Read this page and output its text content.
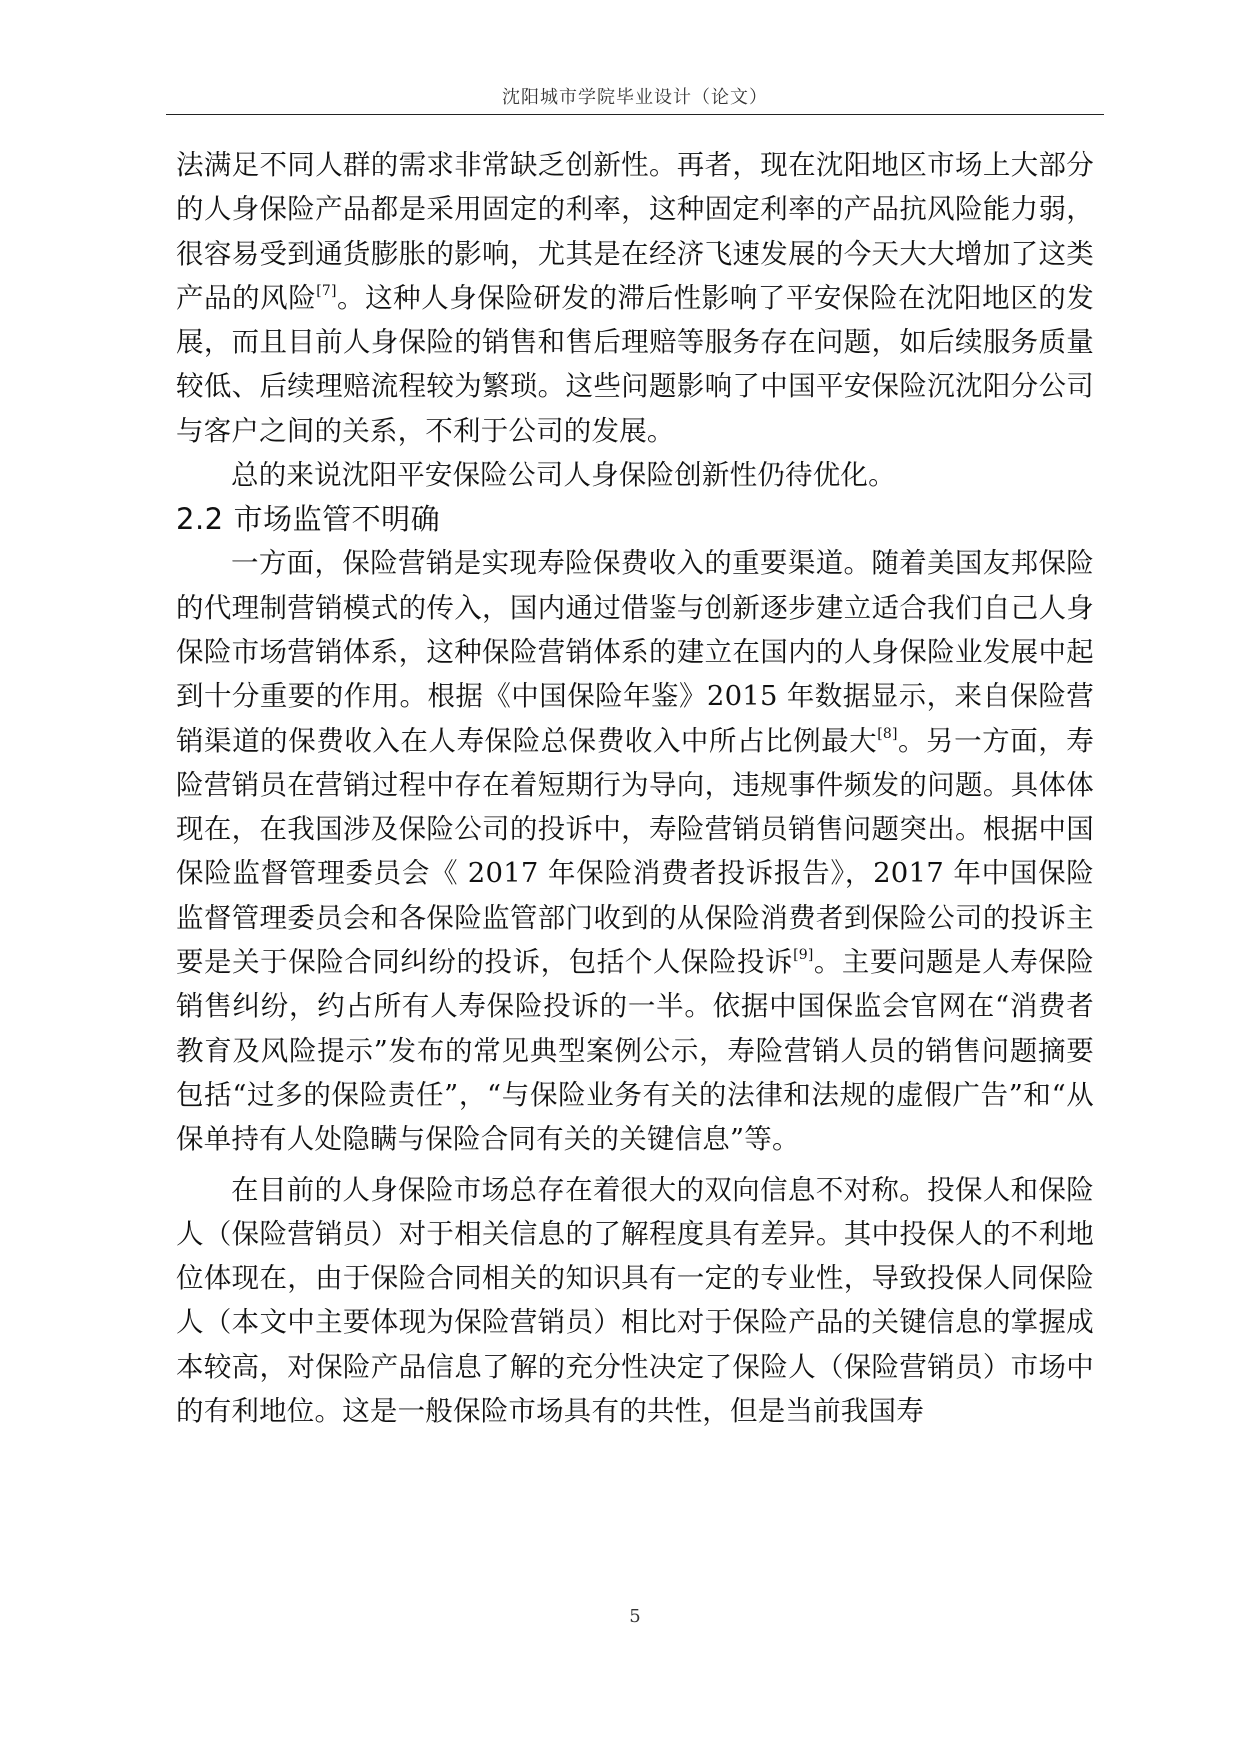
沈阳城市学院毕业设计（论文）

法满足不同人群的需求非常缺乏创新性。再者，现在沈阳地区市场上大部分的人身保险产品都是采用固定的利率，这种固定利率的产品抗风险能力弱，很容易受到通货膨胀的影响，尤其是在经济飞速发展的今天大大增加了这类产品的风险[7]。这种人身保险研发的滞后性影响了平安保险在沈阳地区的发展，而且目前人身保险的销售和售后理赔等服务存在问题，如后续服务质量较低、后续理赔流程较为繁琐。这些问题影响了中国平安保险沉沈阳分公司与客户之间的关系，不利于公司的发展。

总的来说沈阳平安保险公司人身保险创新性仍待优化。

2.2 市场监管不明确

一方面，保险营销是实现寿险保费收入的重要渠道。随着美国友邦保险的代理制营销模式的传入，国内通过借鉴与创新逐步建立适合我们自己人身保险市场营销体系，这种保险营销体系的建立在国内的人身保险业发展中起到十分重要的作用。根据《中国保险年鉴》2015 年数据显示，来自保险营销渠道的保费收入在人寿保险总保费收入中所占比例最大[8]。另一方面，寿险营销员在营销过程中存在着短期行为导向，违规事件频发的问题。具体体现在，在我国涉及保险公司的投诉中，寿险营销员销售问题突出。根据中国保险监督管理委员会《 2017 年保险消费者投诉报告》，2017 年中国保险监督管理委员会和各保险监管部门收到的从保险消费者到保险公司的投诉主要是关于保险合同纠纷的投诉，包括个人保险投诉[9]。主要问题是人寿保险销售纠纷，约占所有人寿保险投诉的一半。依据中国保监会官网在“消费者教育及风险提示”发布的常见典型案例公示，寿险营销人员的销售问题摘要包括“过多的保险责任”，“与保险业务有关的法律和法规的虚假广告”和“从保单持有人处隐瞒与保险合同有关的关键信息”等。

在目前的人身保险市场总存在着很大的双向信息不对称。投保人和保险人（保险营销员）对于相关信息的了解程度具有差异。其中投保人的不利地位体现在，由于保险合同相关的知识具有一定的专业性，导致投保人同保险人（本文中主要体现为保险营销员）相比对于保险产品的关键信息的掌握成本较高，对保险产品信息了解的充分性决定了保险人（保险营销员）市场中的有利地位。这是一般保险市场具有的共性，但是当前我国寿

5
